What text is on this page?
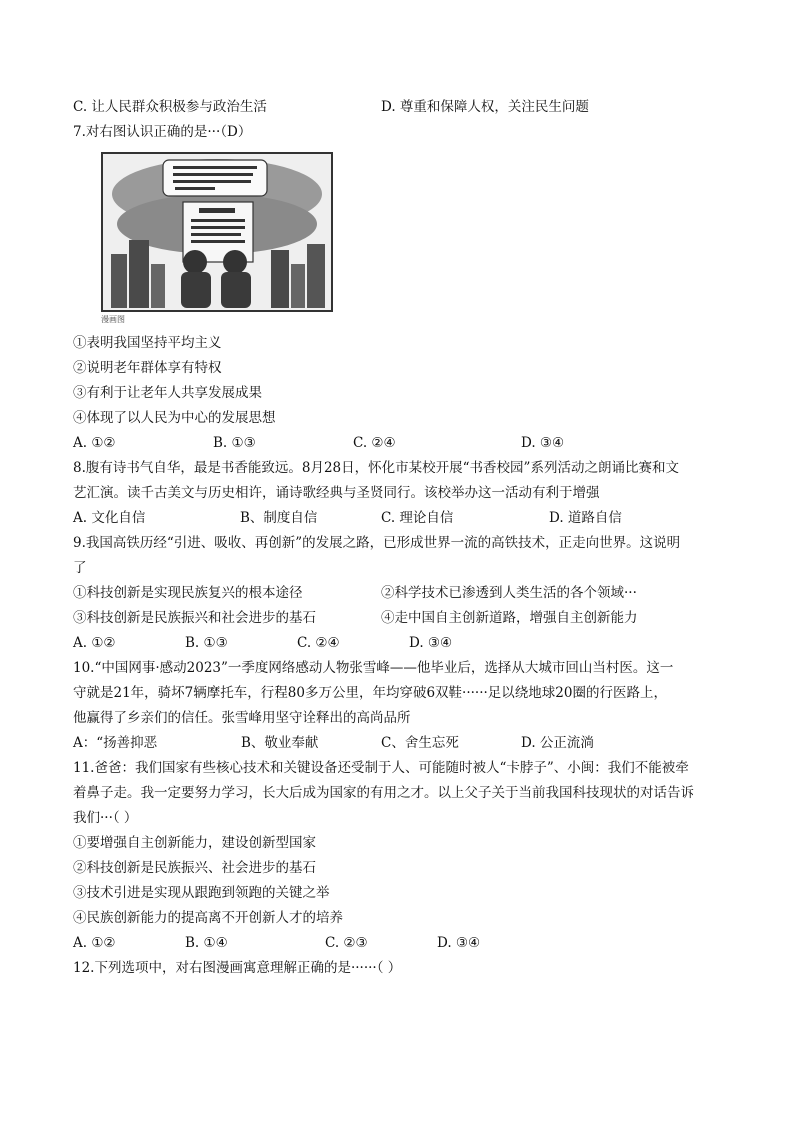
C. 让人民群众积极参与政治生活	D. 尊重和保障人权，关注民生问题
7.对右图认识正确的是···（D）
漫画图
①表明我国坚持平均主义
②说明老年群体享有特权
③有利于让老年人共享发展成果
④体现了以人民为中心的发展思想
A. ①②	B. ①③	C. ②④	D. ③④
8.腹有诗书气自华，最是书香能致远。8月28日，怀化市某校开展“书香校园”系列活动之朗诵比赛和文
艺汇演。读千古美文与历史相许，诵诗歌经典与圣贤同行。该校举办这一活动有利于增强
A. 文化自信	B、制度自信	C. 理论自信	D. 道路自信
9.我国高铁历经“引进、吸收、再创新”的发展之路，已形成世界一流的高铁技术，正走向世界。这说明
了
①科技创新是实现民族复兴的根本途径	②科学技术已渗透到人类生活的各个领域···
③科技创新是民族振兴和社会进步的基石	④走中国自主创新道路，增强自主创新能力
A. ①②	B. ①③	C. ②④	D. ③④
10.“中国网事·感动2023”一季度网络感动人物张雪峰——他毕业后，选择从大城市回山当村医。这一
守就是21年，骑坏7辆摩托车，行程80多万公里，年均穿破6双鞋······足以绕地球20圈的行医路上，
他赢得了乡亲们的信任。张雪峰用坚守诠释出的高尚品所
A：“扬善抑恶	B、敬业奉献	C、舍生忘死	D. 公正流淌
11.爸爸：我们国家有些核心技术和关键设备还受制于人、可能随时被人“卡脖子”、小闽：我们不能被牵
着鼻子走。我一定要努力学习，长大后成为国家的有用之才。以上父子关于当前我国科技现状的对话告诉
我们···（ ）
①要增强自主创新能力，建设创新型国家
②科技创新是民族振兴、社会进步的基石
③技术引进是实现从跟跑到领跑的关键之举
④民族创新能力的提高离不开创新人才的培养
A. ①②	B. ①④	C. ②③	D. ③④
12.下列选项中，对右图漫画寓意理解正确的是······（ ）
